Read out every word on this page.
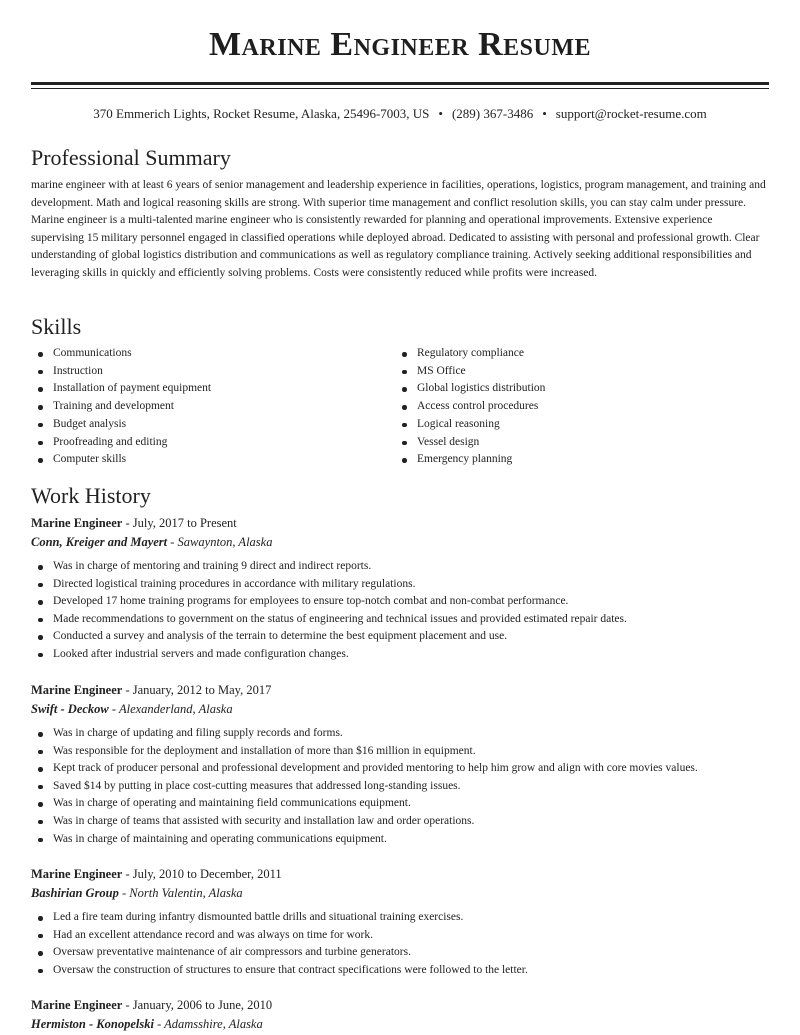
Marine Engineer Resume
370 Emmerich Lights, Rocket Resume, Alaska, 25496-7003, US • (289) 367-3486 • support@rocket-resume.com
Professional Summary

marine engineer with at least 6 years of senior management and leadership experience in facilities, operations, logistics, program management, and training and development. Math and logical reasoning skills are strong. With superior time management and conflict resolution skills, you can stay calm under pressure. Marine engineer is a multi-talented marine engineer who is consistently rewarded for planning and operational improvements. Extensive experience supervising 15 military personnel engaged in classified operations while deployed abroad. Dedicated to assisting with personal and professional growth. Clear understanding of global logistics distribution and communications as well as regulatory compliance training. Actively seeking additional responsibilities and leveraging skills in quickly and efficiently solving problems. Costs were consistently reduced while profits were increased.

Skills
Communications
Instruction
Installation of payment equipment
Training and development
Budget analysis
Proofreading and editing
Computer skills
Regulatory compliance
MS Office
Global logistics distribution
Access control procedures
Logical reasoning
Vessel design
Emergency planning
Work History

Marine Engineer - July, 2017 to Present

Conn, Kreiger and Mayert - Sawaynton, Alaska

Was in charge of mentoring and training 9 direct and indirect reports.
Directed logistical training procedures in accordance with military regulations.
Developed 17 home training programs for employees to ensure top-notch combat and non-combat performance.
Made recommendations to government on the status of engineering and technical issues and provided estimated repair dates.
Conducted a survey and analysis of the terrain to determine the best equipment placement and use.
Looked after industrial servers and made configuration changes.

Marine Engineer - January, 2012 to May, 2017

Swift - Deckow - Alexanderland, Alaska

Was in charge of updating and filing supply records and forms.
Was responsible for the deployment and installation of more than $16 million in equipment.
Kept track of producer personal and professional development and provided mentoring to help him grow and align with core movies values.
Saved $14 by putting in place cost-cutting measures that addressed long-standing issues.
Was in charge of operating and maintaining field communications equipment.
Was in charge of teams that assisted with security and installation law and order operations.
Was in charge of maintaining and operating communications equipment.

Marine Engineer - July, 2010 to December, 2011

Bashirian Group - North Valentin, Alaska

Led a fire team during infantry dismounted battle drills and situational training exercises.
Had an excellent attendance record and was always on time for work.
Oversaw preventative maintenance of air compressors and turbine generators.
Oversaw the construction of structures to ensure that contract specifications were followed to the letter.

Marine Engineer - January, 2006 to June, 2010

Hermiston - Konopelski - Adamsshire, Alaska
